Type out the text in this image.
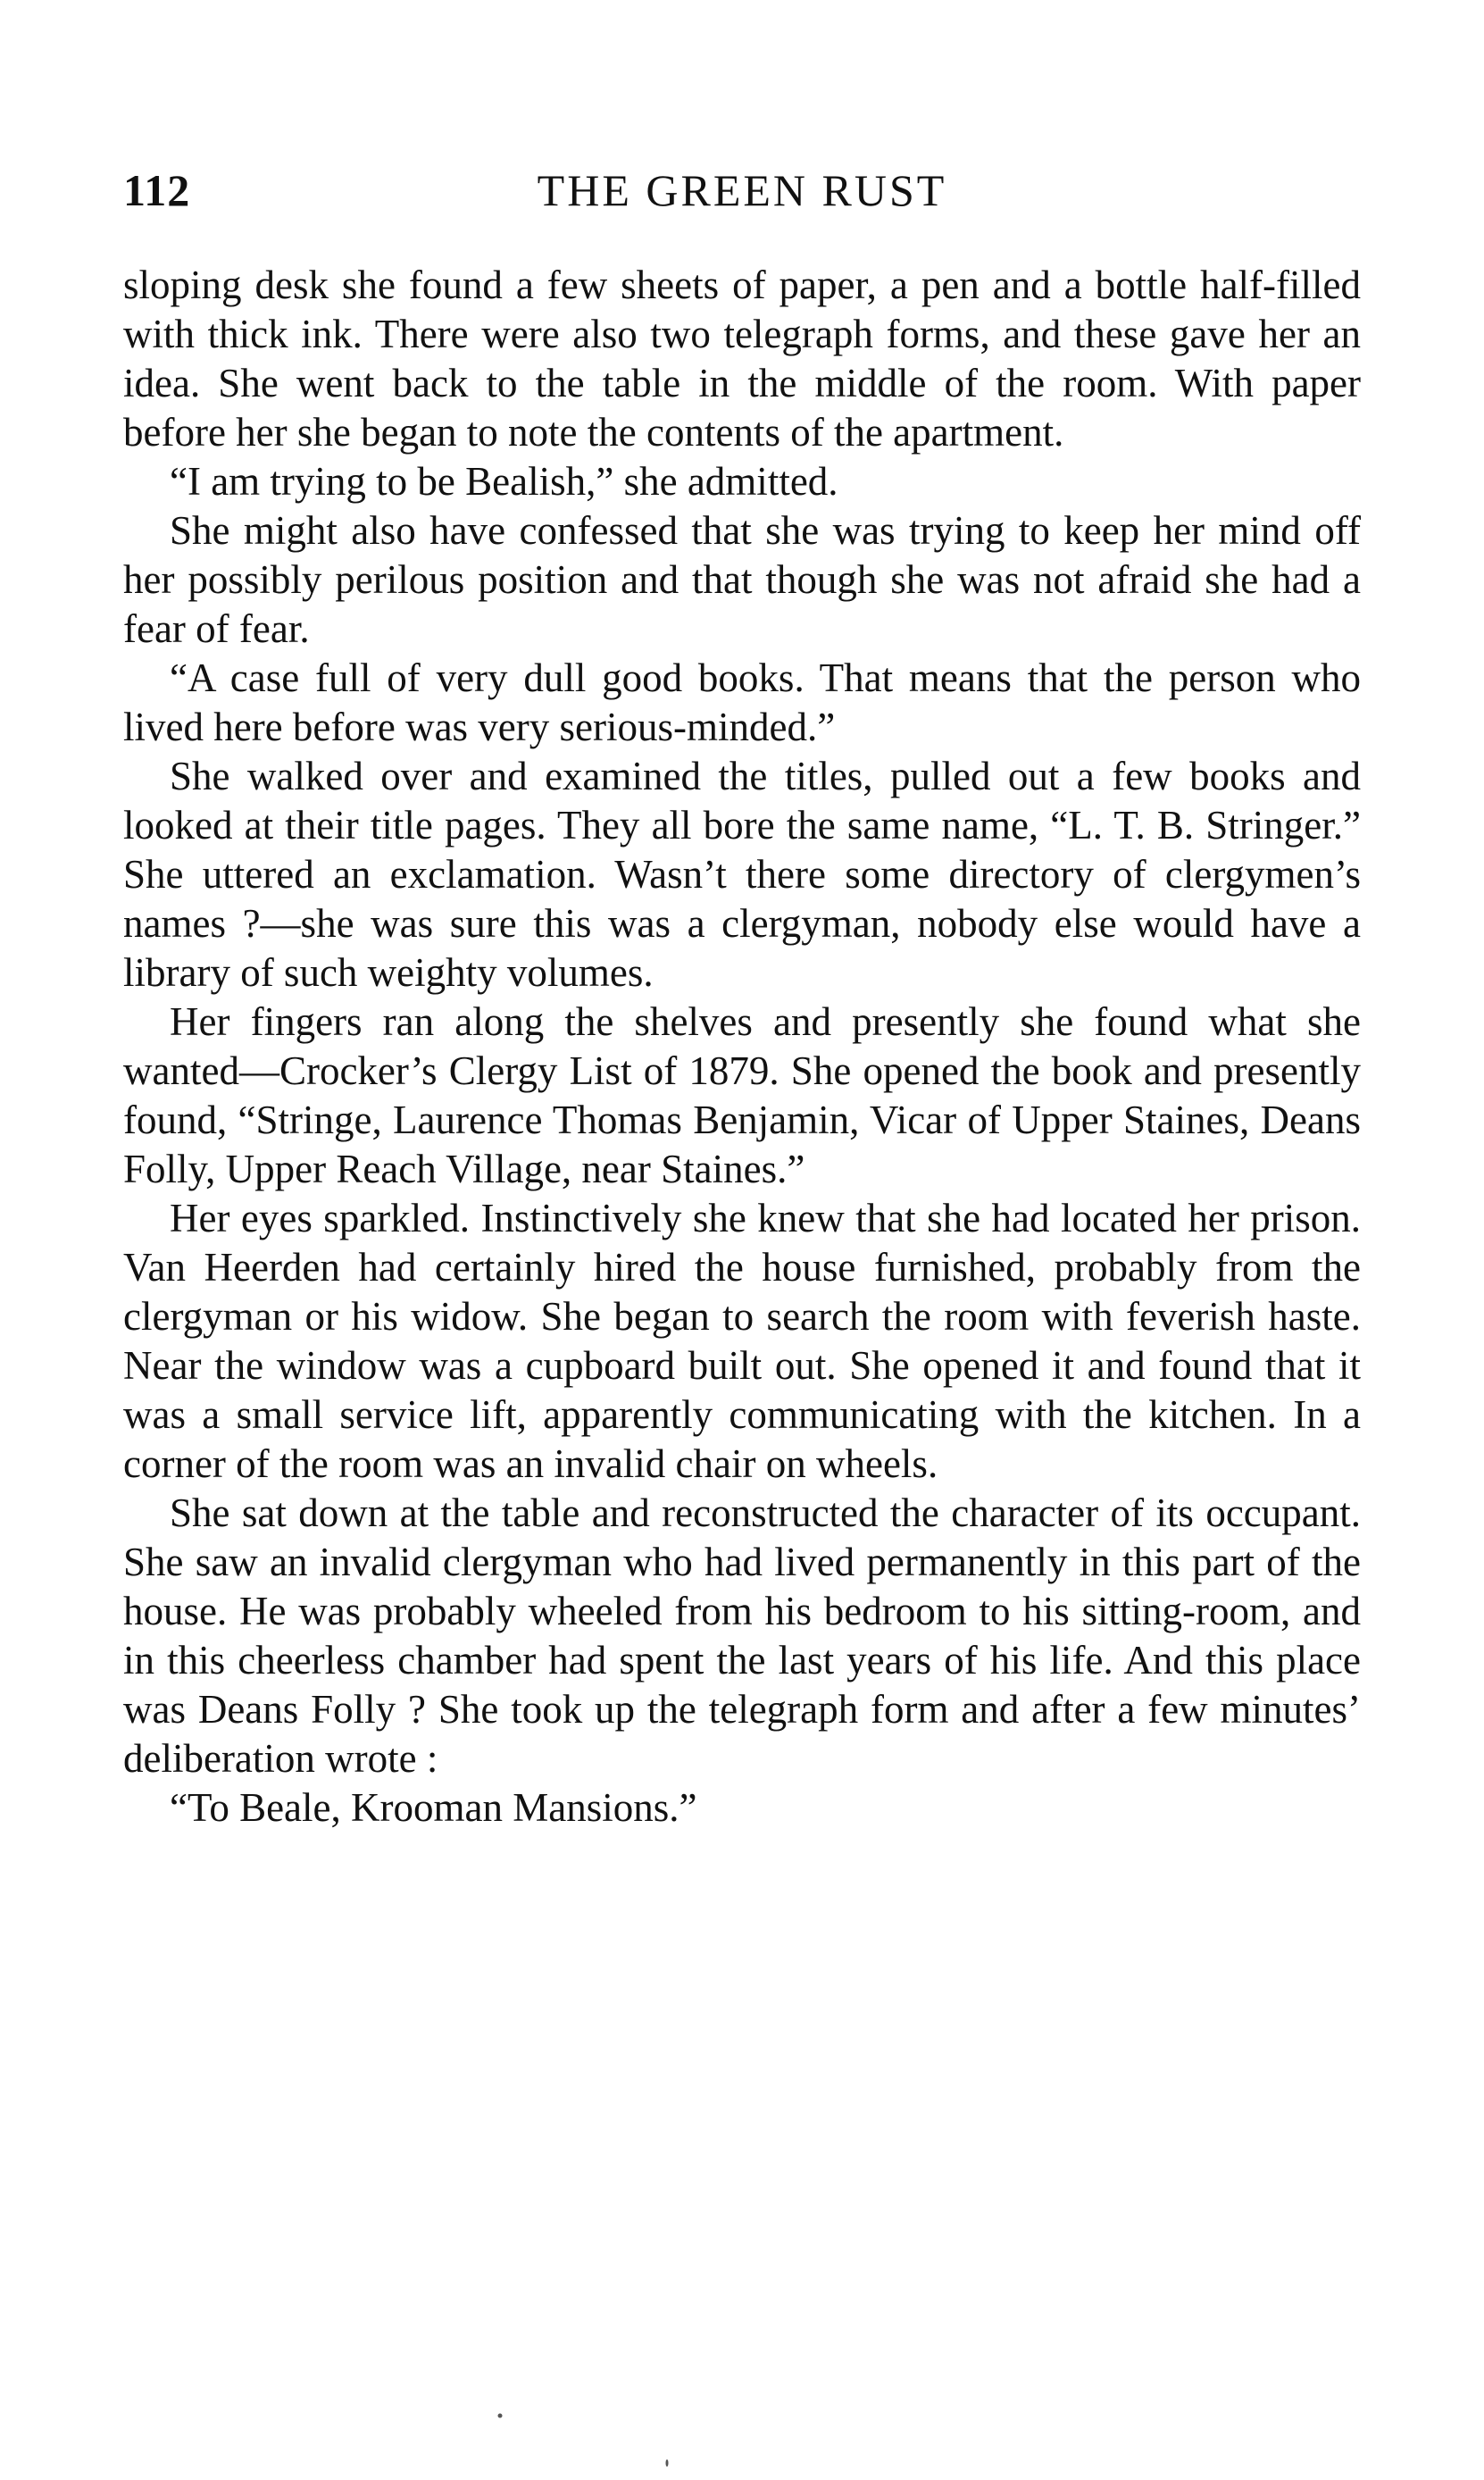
112	THE GREEN RUST

sloping desk she found a few sheets of paper, a pen and a bottle half-filled with thick ink. There were also two telegraph forms, and these gave her an idea. She went back to the table in the middle of the room. With paper before her she began to note the contents of the apartment.

“I am trying to be Bealish,” she admitted.

She might also have confessed that she was trying to keep her mind off her possibly perilous position and that though she was not afraid she had a fear of fear.

“A case full of very dull good books. That means that the person who lived here before was very serious-minded.”

She walked over and examined the titles, pulled out a few books and looked at their title pages. They all bore the same name, “L. T. B. Stringer.” She uttered an exclamation. Wasn’t there some directory of clergymen’s names ?—she was sure this was a clergyman, nobody else would have a library of such weighty volumes.

Her fingers ran along the shelves and presently she found what she wanted—Crocker’s Clergy List of 1879. She opened the book and presently found, “Stringe, Laurence Thomas Benjamin, Vicar of Upper Staines, Deans Folly, Upper Reach Village, near Staines.”

Her eyes sparkled. Instinctively she knew that she had located her prison. Van Heerden had certainly hired the house furnished, probably from the clergyman or his widow. She began to search the room with feverish haste. Near the window was a cupboard built out. She opened it and found that it was a small service lift, apparently communicating with the kitchen. In a corner of the room was an invalid chair on wheels.

She sat down at the table and reconstructed the character of its occupant. She saw an invalid clergyman who had lived permanently in this part of the house. He was probably wheeled from his bedroom to his sitting-room, and in this cheerless chamber had spent the last years of his life. And this place was Deans Folly ? She took up the telegraph form and after a few minutes’ deliberation wrote :

“To Beale, Krooman Mansions.”
